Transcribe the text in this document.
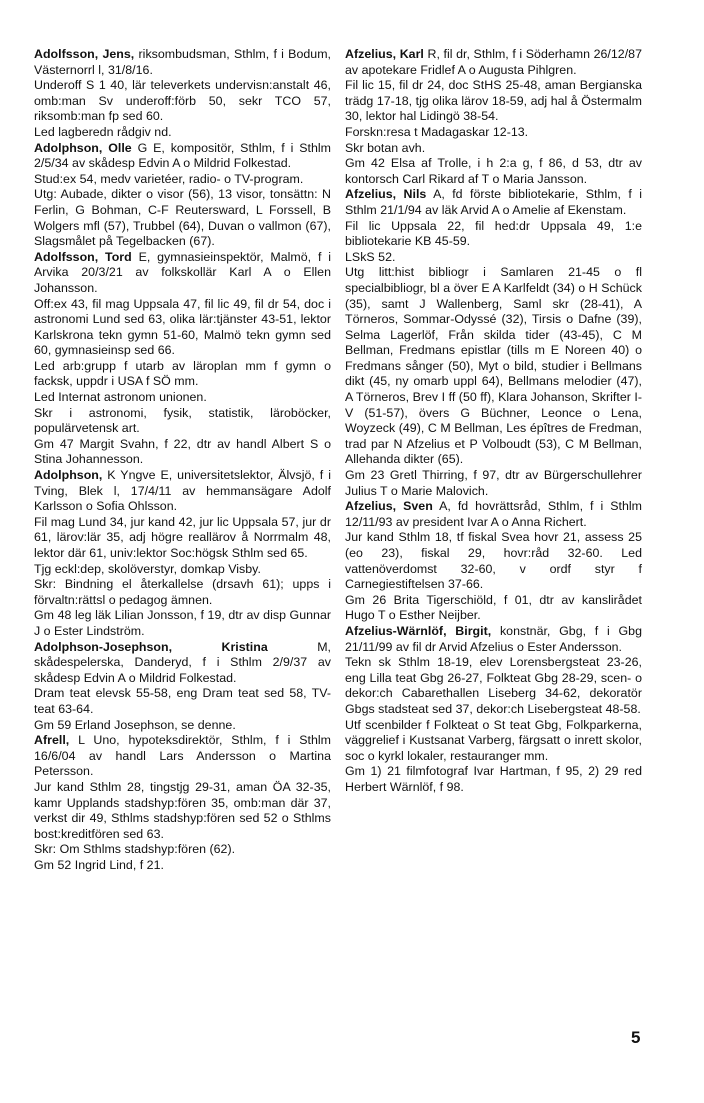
Adolfsson, Jens, riksombudsman, Sthlm, f i Bodum, Västernorrl l, 31/8/16.

Underoff S 1 40, lär televerkets undervisn:anstalt 46, omb:man Sv underoff:förb 50, sekr TCO 57, riksomb:man fp sed 60.

Led lagberedn rådgiv nd.

Adolphson, Olle G E, kompositör, Sthlm, f i Sthlm 2/5/34 av skådesp Edvin A o Mildrid Folkestad.

Stud:ex 54, medv varietéer, radio- o TV-program.

Utg: Aubade, dikter o visor (56), 13 visor, tonsättn: N Ferlin, G Bohman, C-F Reutersward, L Forssell, B Wolgers mfl (57), Trubbel (64), Duvan o vallmon (67), Slagsmålet på Tegelbacken (67).

Adolfsson, Tord E, gymnasieinspektör, Malmö, f i Arvika 20/3/21 av folkskollär Karl A o Ellen Johansson.

Off:ex 43, fil mag Uppsala 47, fil lic 49, fil dr 54, doc i astronomi Lund sed 63, olika lär:tjänster 43-51, lektor Karlskrona tekn gymn 51-60, Malmö tekn gymn sed 60, gymnasieinsp sed 66.

Led arb:grupp f utarb av läroplan mm f gymn o facksk, uppdr i USA f SÖ mm.

Led Internat astronom unionen.

Skr i astronomi, fysik, statistik, läroböcker, populärvetensk art.

Gm 47 Margit Svahn, f 22, dtr av handl Albert S o Stina Johannesson.

Adolphson, K Yngve E, universitetslektor, Älvsjö, f i Tving, Blek l, 17/4/11 av hemmansägare Adolf Karlsson o Sofia Ohlsson.

Fil mag Lund 34, jur kand 42, jur lic Uppsala 57, jur dr 61, lärov:lär 35, adj högre reallärov å Norrmalm 48, lektor där 61, univ:lektor Soc:högsk Sthlm sed 65.

Tjg eckl:dep, skolöverstyr, domkap Visby.

Skr: Bindning el återkallelse (drsavh 61); upps i förvaltn:rättsl o pedagog ämnen.

Gm 48 leg läk Lilian Jonsson, f 19, dtr av disp Gunnar J o Ester Lindström.

Adolphson-Josephson, Kristina	M, skådespelerska, Danderyd, f i Sthlm 2/9/37 av skådesp Edvin A o Mildrid Folkestad.

Dram teat elevsk 55-58, eng Dram teat sed 58, TV-teat 63-64.

Gm 59 Erland Josephson, se denne.

Afrell, L Uno, hypoteksdirektör, Sthlm, f i Sthlm 16/6/04 av handl Lars Andersson o Martina Petersson.

Jur kand Sthlm 28, tingstjg 29-31, aman ÖA 32-35, kamr Upplands stadshyp:fören 35, omb:man där 37, verkst dir 49, Sthlms stadshyp:fören sed 52 o Sthlms bost:kreditfören sed 63.

Skr: Om Sthlms stadshyp:fören (62).

Gm 52 Ingrid Lind, f 21.

Afzelius, Karl R, fil dr, Sthlm, f i Söderhamn 26/12/87 av apotekare Fridlef A o Augusta Pihlgren.

Fil lic 15, fil dr 24, doc StHS 25-48, aman Bergianska trädg 17-18, tjg olika lärov 18-59, adj hal å Östermalm 30, lektor hal Lidingö 38-54.

Forskn:resa t Madagaskar 12-13.

Skr botan avh.

Gm 42 Elsa af Trolle, i h 2:a g, f 86, d 53, dtr av kontorsch Carl Rikard af T o Maria Jansson.

Afzelius, Nils A, fd förste bibliotekarie, Sthlm, f i Sthlm 21/1/94 av läk Arvid A o Amelie af Ekenstam.

Fil lic Uppsala 22, fil hed:dr Uppsala 49, 1:e bibliotekarie KB 45-59.

LSkS 52.

Utg litt:hist bibliogr i Samlaren 21-45 o fl specialbibliogr, bl a över E A Karlfeldt (34) o H Schück (35), samt J Wallenberg, Saml skr (28-41), A Törneros, Sommar-Odyssé (32), Tirsis o Dafne (39), Selma Lagerlöf, Från skilda tider (43-45), C M Bellman, Fredmans epistlar (tills m E Noreen 40) o Fredmans sånger (50), Myt o bild, studier i Bellmans dikt (45, ny omarb uppl 64), Bellmans melodier (47), A Törneros, Brev I ff (50 ff), Klara Johanson, Skrifter I-V (51-57), övers G Büchner, Leonce o Lena, Woyzeck (49), C M Bellman, Les épîtres de Fredman, trad par N Afzelius et P Volboudt (53), C M Bellman, Allehanda dikter (65).

Gm 23 Gretl Thirring, f 97, dtr av Bürgerschullehrer Julius T o Marie Malovich.

Afzelius, Sven A, fd hovrättsråd, Sthlm, f i Sthlm 12/11/93 av president Ivar A o Anna Richert.

Jur kand Sthlm 18, tf fiskal Svea hovr 21, assess 25 (eo 23), fiskal 29, hovr:råd 32-60. Led vattenöverdomst 32-60, v ordf styr f Carnegiestiftelsen 37-66.

Gm 26 Brita Tigerschiöld, f 01, dtr av kanslirådet Hugo T o Esther Neijber.

Afzelius-Wärnlöf, Birgit, konstnär, Gbg, f i Gbg 21/11/99 av fil dr Arvid Afzelius o Ester Andersson.

Tekn sk Sthlm 18-19, elev Lorensbergsteat 23-26, eng Lilla teat Gbg 26-27, Folkteat Gbg 28-29, scen- o dekor:ch Cabarethallen Liseberg 34-62, dekoratör Gbgs stadsteat sed 37, dekor:ch Lisebergsteat 48-58.

Utf scenbilder f Folkteat o St teat Gbg, Folkparkerna, väggrelief i Kustsanat Varberg, färgsatt o inrett skolor, soc o kyrkl lokaler, restauranger mm.

Gm 1) 21 filmfotograf Ivar Hartman, f 95, 2) 29 red Herbert Wärnlöf, f 98.

5
